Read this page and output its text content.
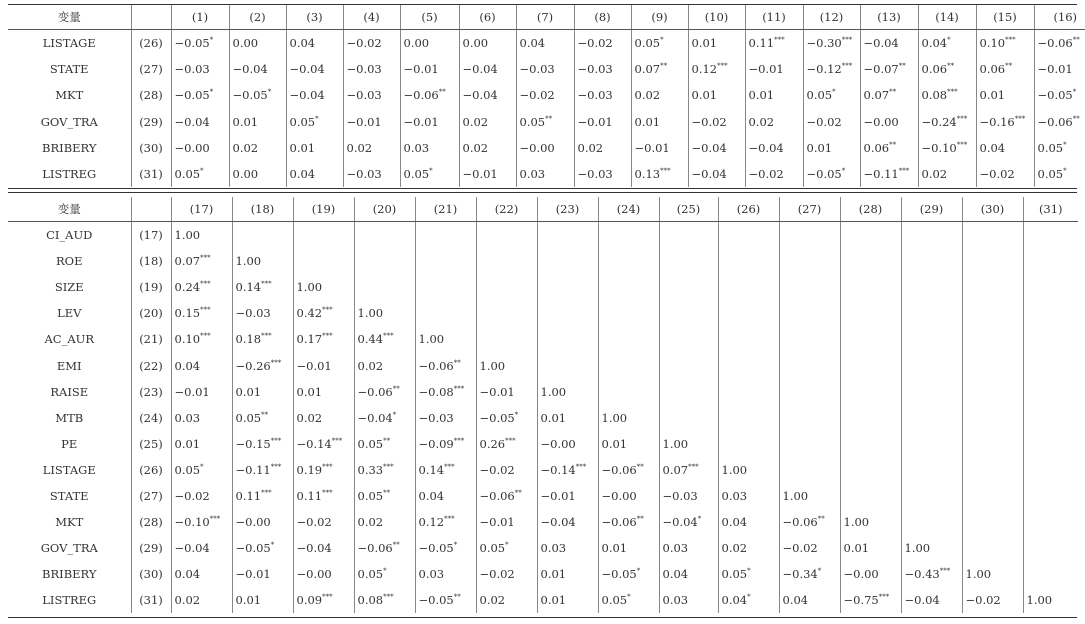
变量		(1)	(2)	(3)	(4)	(5)	(6)	(7)	(8)	(9)	(10)	(11)	(12)	(13)	(14)	(15)	(16)
LISTAGE	(26)	−0.05*	0.00	0.04	−0.02	0.00	0.00	0.04	−0.02	0.05*	0.01	0.11***	−0.30***	−0.04	0.04*	0.10***	−0.06**
STATE	(27)	−0.03	−0.04	−0.04	−0.03	−0.01	−0.04	−0.03	−0.03	0.07**	0.12***	−0.01	−0.12***	−0.07**	0.06**	0.06**	−0.01
MKT	(28)	−0.05*	−0.05*	−0.04	−0.03	−0.06**	−0.04	−0.02	−0.03	0.02	0.01	0.01	0.05*	0.07**	0.08***	0.01	−0.05*
GOV_TRA	(29)	−0.04	0.01	0.05*	−0.01	−0.01	0.02	0.05**	−0.01	0.01	−0.02	0.02	−0.02	−0.00	−0.24***	−0.16***	−0.06**
BRIBERY	(30)	−0.00	0.02	0.01	0.02	0.03	0.02	−0.00	0.02	−0.01	−0.04	−0.04	0.01	0.06**	−0.10***	0.04	0.05*
LISTREG	(31)	0.05*	0.00	0.04	−0.03	0.05*	−0.01	0.03	−0.03	0.13***	−0.04	−0.02	−0.05*	−0.11***	0.02	−0.02	0.05*
变量		(17)	(18)	(19)	(20)	(21)	(22)	(23)	(24)	(25)	(26)	(27)	(28)	(29)	(30)	(31)
CI_AUD	(17)	1.00														
ROE	(18)	0.07***	1.00													
SIZE	(19)	0.24***	0.14***	1.00												
LEV	(20)	0.15***	−0.03	0.42***	1.00											
AC_AUR	(21)	0.10***	0.18***	0.17***	0.44***	1.00										
EMI	(22)	0.04	−0.26***	−0.01	0.02	−0.06**	1.00									
RAISE	(23)	−0.01	0.01	0.01	−0.06**	−0.08***	−0.01	1.00								
MTB	(24)	0.03	0.05**	0.02	−0.04*	−0.03	−0.05*	0.01	1.00							
PE	(25)	0.01	−0.15***	−0.14***	0.05**	−0.09***	0.26***	−0.00	0.01	1.00						
LISTAGE	(26)	0.05*	−0.11***	0.19***	0.33***	0.14***	−0.02	−0.14***	−0.06**	0.07***	1.00					
STATE	(27)	−0.02	0.11***	0.11***	0.05**	0.04	−0.06**	−0.01	−0.00	−0.03	0.03	1.00				
MKT	(28)	−0.10***	−0.00	−0.02	0.02	0.12***	−0.01	−0.04	−0.06**	−0.04*	0.04	−0.06**	1.00			
GOV_TRA	(29)	−0.04	−0.05*	−0.04	−0.06**	−0.05*	0.05*	0.03	0.01	0.03	0.02	−0.02	0.01	1.00		
BRIBERY	(30)	0.04	−0.01	−0.00	0.05*	0.03	−0.02	0.01	−0.05*	0.04	0.05*	−0.34*	−0.00	−0.43***	1.00	
LISTREG	(31)	0.02	0.01	0.09***	0.08***	−0.05**	0.02	0.01	0.05*	0.03	0.04*	0.04	−0.75***	−0.04	−0.02	1.00
